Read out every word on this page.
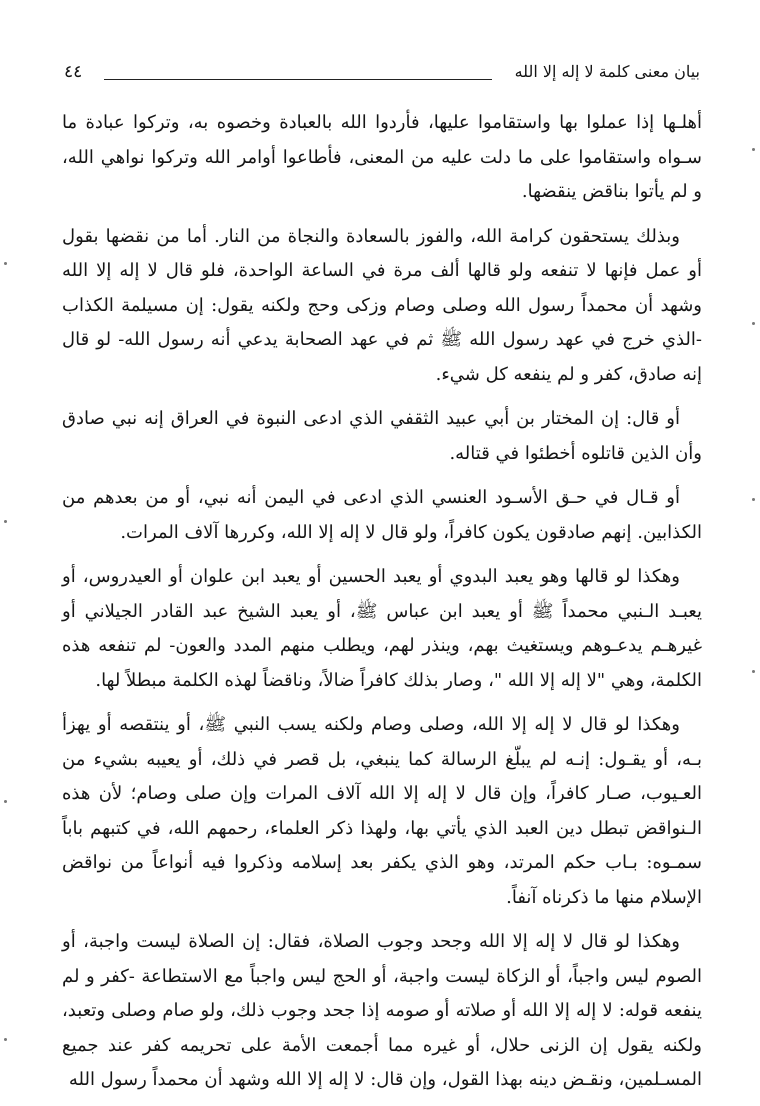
٤٤	بيان معنى كلمة لا إله إلا الله

أهلـها إذا عملوا بها واستقاموا عليها، فأردوا الله بالعبادة وخصوه به، وتركوا عبادة ما سـواه واستقاموا على ما دلت عليه من المعنى، فأطاعوا أوامر الله وتركوا نواهي الله، و لم يأتوا بناقض ينقضها.

وبذلك يستحقون كرامة الله، والفوز بالسعادة والنجاة من النار. أما من نقضها بقول أو عمل فإنها لا تنفعه ولو قالها ألف مرة في الساعة الواحدة، فلو قال لا إله إلا الله وشهد أن محمداً رسول الله وصلى وصام وزكى وحج ولكنه يقول: إن مسيلمة الكذاب -الذي خرج في عهد رسول الله ﷺ ثم في عهد الصحابة يدعي أنه رسول الله- لو قال إنه صادق، كفر و لم ينفعه كل شيء.

أو قال: إن المختار بن أبي عبيد الثقفي الذي ادعى النبوة في العراق إنه نبي صادق وأن الذين قاتلوه أخطئوا في قتاله.

أو قـال في حـق الأسـود العنسي الذي ادعى في اليمن أنه نبي، أو من بعدهم من الكذابين. إنهم صادقون يكون كافراً، ولو قال لا إله إلا الله، وكررها آلاف المرات.

وهكذا لو قالها وهو يعبد البدوي أو يعبد الحسين أو يعبد ابن علوان أو العيدروس، أو يعبـد الـنبي محمداً ﷺ أو يعبد ابن عباس ﷺ، أو يعبد الشيخ عبد القادر الجيلاني أو غيرهـم يدعـوهم ويستغيث بهم، وينذر لهم، ويطلب منهم المدد والعون- لم تنفعه هذه الكلمة، وهي "لا إله إلا الله "، وصار بذلك كافراً ضالاً، وناقضاً لهذه الكلمة مبطلاً لها.

وهكذا لو قال لا إله إلا الله، وصلى وصام ولكنه يسب النبي ﷺ، أو ينتقصه أو يهزأ بـه، أو يقـول: إنـه لم يبلّغ الرسالة كما ينبغي، بل قصر في ذلك، أو يعيبه بشيء من العـيوب، صـار كافراً، وإن قال لا إله إلا الله آلاف المرات وإن صلى وصام؛ لأن هذه الـنواقض تبطل دين العبد الذي يأتي بها، ولهذا ذكر العلماء، رحمهم الله، في كتبهم باباً سمـوه: بـاب حكم المرتد، وهو الذي يكفر بعد إسلامه وذكروا فيه أنواعاً من نواقض الإسلام منها ما ذكرناه آنفاً.

وهكذا لو قال لا إله إلا الله وجحد وجوب الصلاة، فقال: إن الصلاة ليست واجبة، أو الصوم ليس واجباً، أو الزكاة ليست واجبة، أو الحج ليس واجباً مع الاستطاعة -كفر و لم ينفعه قوله: لا إله إلا الله أو صلاته أو صومه إذا جحد وجوب ذلك، ولو صام وصلى وتعبد، ولكنه يقول إن الزنى حلال، أو غيره مما أجمعت الأمة على تحريمه كفر عند جميع المسـلمين، ونقـض دينه بهذا القول، وإن قال: لا إله إلا الله وشهد أن محمداً رسول الله
